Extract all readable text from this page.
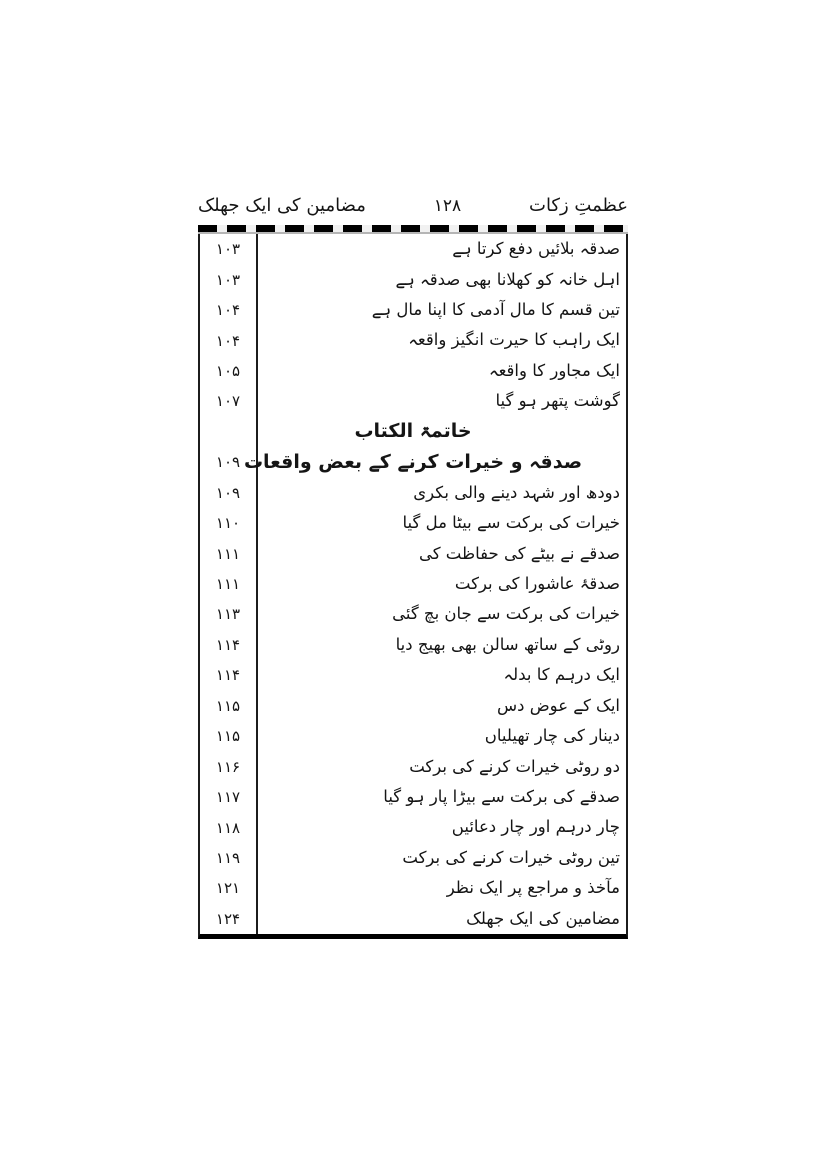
عظمتِ زکات
۱۲۸
مضامین کی ایک جھلک
۱۰۳	صدقہ بلائیں دفع کرتا ہے
۱۰۳	اہل خانہ کو کھلانا بھی صدقہ ہے
۱۰۴	تین قسم کا مال آدمی کا اپنا مال ہے
۱۰۴	ایک راہب کا حیرت انگیز واقعہ
۱۰۵	ایک مجاور کا واقعہ
۱۰۷	گوشت پتھر ہو گیا
خاتمۃ الکتاب
۱۰۹ صدقہ و خیرات کرنے کے بعض واقعات
۱۰۹	دودھ اور شہد دینے والی بکری
۱۱۰	خیرات کی برکت سے بیٹا مل گیا
۱۱۱	صدقے نے بیٹے کی حفاظت کی
۱۱۱	صدقۂ عاشورا کی برکت
۱۱۳	خیرات کی برکت سے جان بچ گئی
۱۱۴	روٹی کے ساتھ سالن بھی بھیج دیا
۱۱۴	ایک درہم کا بدلہ
۱۱۵	ایک کے عوض دس
۱۱۵	دینار کی چار تھیلیاں
۱۱۶	دو روٹی خیرات کرنے کی برکت
۱۱۷	صدقے کی برکت سے بیڑا پار ہو گیا
۱۱۸	چار درہم اور چار دعائیں
۱۱۹	تین روٹی خیرات کرنے کی برکت
۱۲۱	مآخذ و مراجع پر ایک نظر
۱۲۴	مضامین کی ایک جھلک
